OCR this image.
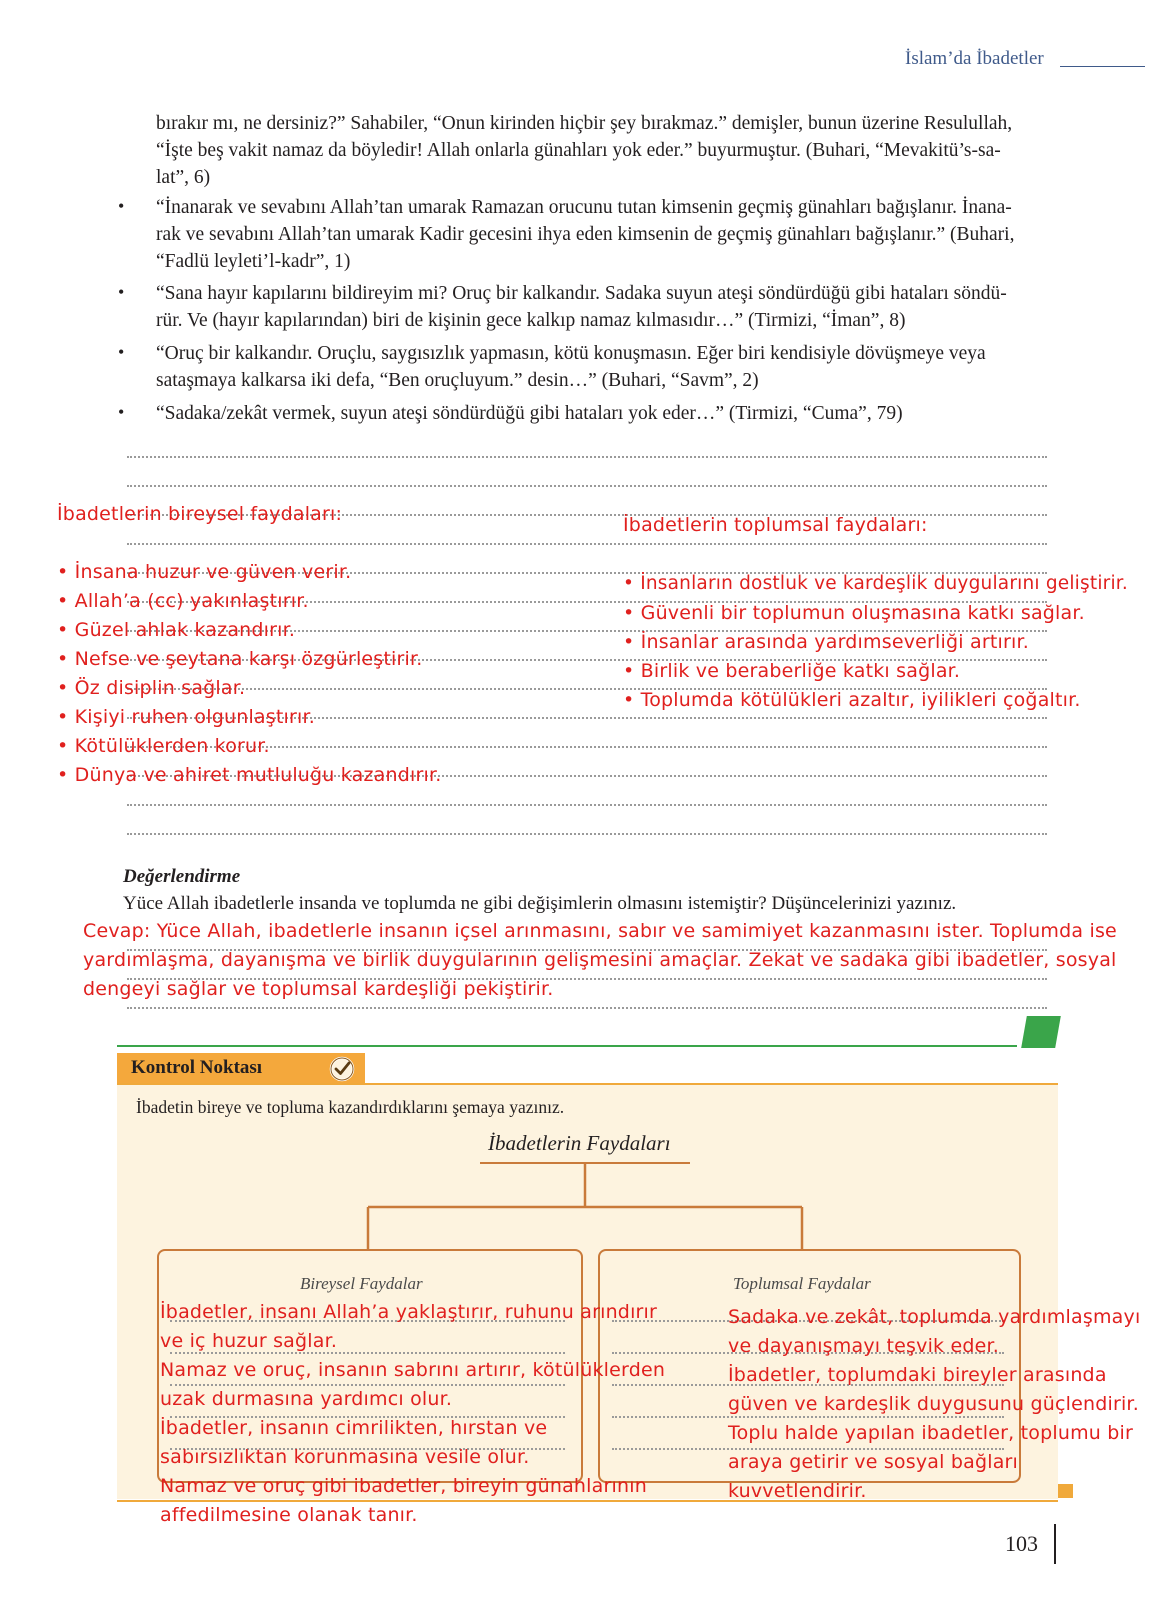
İslam’da İbadetler
bırakır mı, ne dersiniz?” Sahabiler, “Onun kirinden hiçbir şey bırakmaz.” demişler, bunun üzerine Resulullah,
“İşte beş vakit namaz da böyledir! Allah onlarla günahları yok eder.” buyurmuştur. (Buhari, “Mevakitü’s-sa-
lat”, 6)
• “İnanarak ve sevabını Allah’tan umarak Ramazan orucunu tutan kimsenin geçmiş günahları bağışlanır. İnana-
rak ve sevabını Allah’tan umarak Kadir gecesini ihya eden kimsenin de geçmiş günahları bağışlanır.” (Buhari,
“Fadlü leyleti’l-kadr”, 1)
• “Sana hayır kapılarını bildireyim mi? Oruç bir kalkandır. Sadaka suyun ateşi söndürdüğü gibi hataları söndü-
rür. Ve (hayır kapılarından) biri de kişinin gece kalkıp namaz kılmasıdır…” (Tirmizi, “İman”, 8)
• “Oruç bir kalkandır. Oruçlu, saygısızlık yapmasın, kötü konuşmasın. Eğer biri kendisiyle dövüşmeye veya
sataşmaya kalkarsa iki defa, “Ben oruçluyum.” desin…” (Buhari, “Savm”, 2)
• “Sadaka/zekât vermek, suyun ateşi söndürdüğü gibi hataları yok eder…” (Tirmizi, “Cuma”, 79)
İbadetlerin bireysel faydaları:
• İnsana huzur ve güven verir.
• Allah’a (cc) yakınlaştırır.
• Güzel ahlak kazandırır.
• Nefse ve şeytana karşı özgürleştirir.
• Öz disiplin sağlar.
• Kişiyi ruhen olgunlaştırır.
• Kötülüklerden korur.
• Dünya ve ahiret mutluluğu kazandırır.
İbadetlerin toplumsal faydaları:
• İnsanların dostluk ve kardeşlik duygularını geliştirir.
• Güvenli bir toplumun oluşmasına katkı sağlar.
• İnsanlar arasında yardımseverliği artırır.
• Birlik ve beraberliğe katkı sağlar.
• Toplumda kötülükleri azaltır, iyilikleri çoğaltır.
Değerlendirme
Yüce Allah ibadetlerle insanda ve toplumda ne gibi değişimlerin olmasını istemiştir? Düşüncelerinizi yazınız.
Cevap: Yüce Allah, ibadetlerle insanın içsel arınmasını, sabır ve samimiyet kazanmasını ister. Toplumda ise
yardımlaşma, dayanışma ve birlik duygularının gelişmesini amaçlar. Zekat ve sadaka gibi ibadetler, sosyal
dengeyi sağlar ve toplumsal kardeşliği pekiştirir.
Kontrol Noktası
İbadetin bireye ve topluma kazandırdıklarını şemaya yazınız.
İbadetlerin Faydaları
Bireysel Faydalar	Toplumsal Faydalar
İbadetler, insanı Allah’a yaklaştırır, ruhunu arındırır
ve iç huzur sağlar.
Namaz ve oruç, insanın sabrını artırır, kötülüklerden
uzak durmasına yardımcı olur.
İbadetler, insanın cimrilikten, hırstan ve
sabırsızlıktan korunmasına vesile olur.
Namaz ve oruç gibi ibadetler, bireyin günahlarının
affedilmesine olanak tanır.
Sadaka ve zekât, toplumda yardımlaşmayı
ve dayanışmayı teşvik eder.
İbadetler, toplumdaki bireyler arasında
güven ve kardeşlik duygusunu güçlendirir.
Toplu halde yapılan ibadetler, toplumu bir
araya getirir ve sosyal bağları
kuvvetlendirir.
103
